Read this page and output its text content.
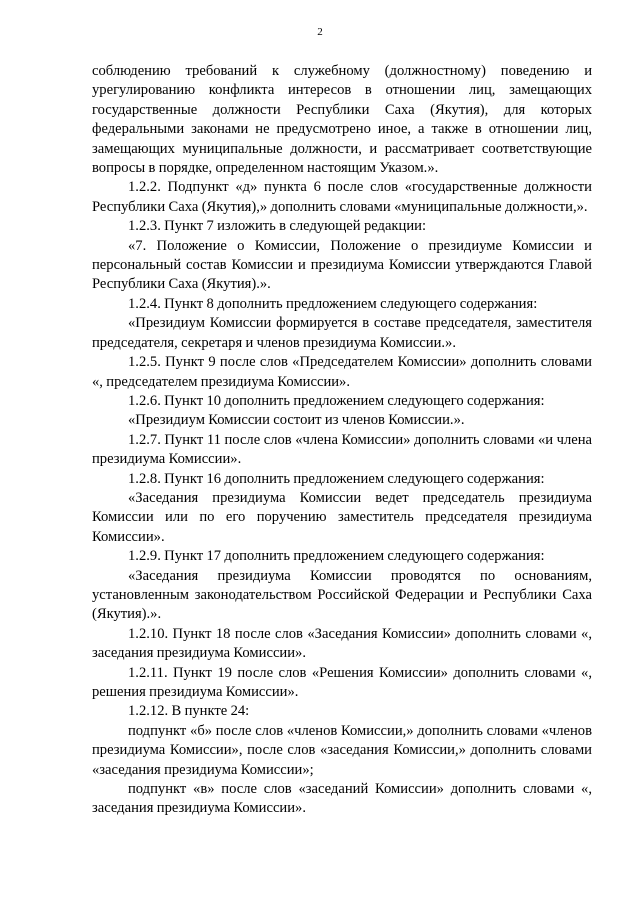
2

соблюдению требований к служебному (должностному) поведению и урегулированию конфликта интересов в отношении лиц, замещающих государственные должности Республики Саха (Якутия), для которых федеральными законами не предусмотрено иное, а также в отношении лиц, замещающих муниципальные должности, и рассматривает соответствующие вопросы в порядке, определенном настоящим Указом.».

1.2.2. Подпункт «д» пункта 6 после слов «государственные должности Республики Саха (Якутия),» дополнить словами «муниципальные должности,».

1.2.3. Пункт 7 изложить в следующей редакции:

«7. Положение о Комиссии, Положение о президиуме Комиссии и персональный состав Комиссии и президиума Комиссии утверждаются Главой Республики Саха (Якутия).».

1.2.4. Пункт 8 дополнить предложением следующего содержания:

«Президиум Комиссии формируется в составе председателя, заместителя председателя, секретаря и членов президиума Комиссии.».

1.2.5. Пункт 9 после слов «Председателем Комиссии» дополнить словами «, председателем президиума Комиссии».

1.2.6. Пункт 10 дополнить предложением следующего содержания:

«Президиум Комиссии состоит из членов Комиссии.».

1.2.7. Пункт 11 после слов «члена Комиссии» дополнить словами «и члена президиума Комиссии».

1.2.8. Пункт 16 дополнить предложением следующего содержания:

«Заседания президиума Комиссии ведет председатель президиума Комиссии или по его поручению заместитель председателя президиума Комиссии».

1.2.9. Пункт 17 дополнить предложением следующего содержания:

«Заседания президиума Комиссии проводятся по основаниям, установленным законодательством Российской Федерации и Республики Саха (Якутия).».

1.2.10. Пункт 18 после слов «Заседания Комиссии» дополнить словами «, заседания президиума Комиссии».

1.2.11. Пункт 19 после слов «Решения Комиссии» дополнить словами «, решения президиума Комиссии».

1.2.12. В пункте 24:

подпункт «б» после слов «членов Комиссии,» дополнить словами «членов президиума Комиссии», после слов «заседания Комиссии,» дополнить словами «заседания президиума Комиссии»;

подпункт «в» после слов «заседаний Комиссии» дополнить словами «, заседания президиума Комиссии».
